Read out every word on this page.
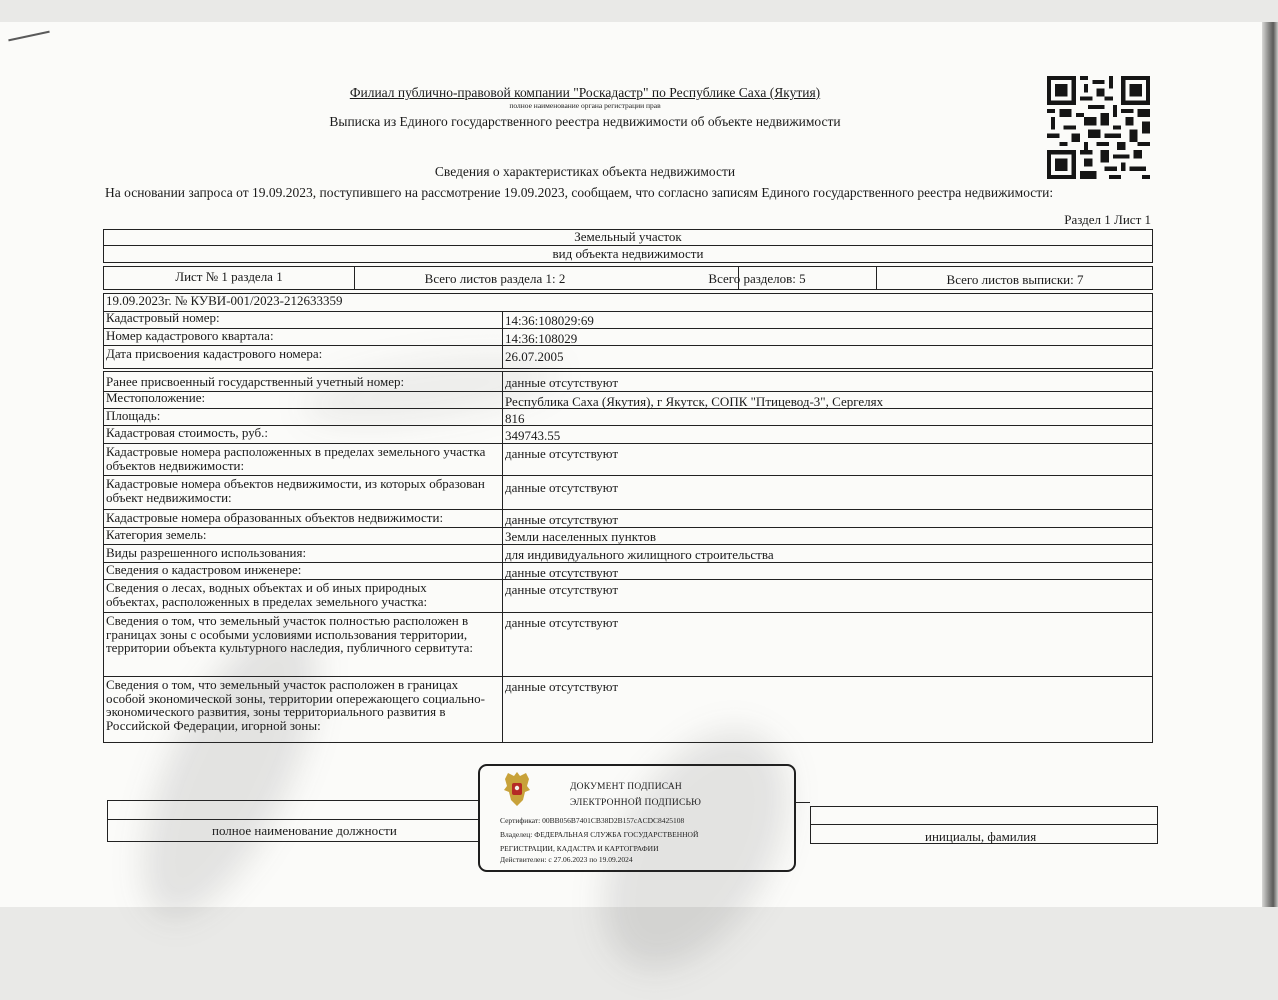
Филиал публично-правовой компании "Роскадастр" по Республике Саха (Якутия)
полное наименование органа регистрации прав
Выписка из Единого государственного реестра недвижимости об объекте недвижимости
Сведения о характеристиках объекта недвижимости
На основании запроса от 19.09.2023, поступившего на рассмотрение 19.09.2023, сообщаем, что согласно записям Единого государственного реестра недвижимости:
Раздел 1 Лист 1
Земельный участок
вид объекта недвижимости
Лист № 1 раздела 1	Всего листов раздела 1: 2	Всего разделов: 5	Всего листов выписки: 7
19.09.2023г. № КУВИ-001/2023-212633359
Кадастровый номер:	14:36:108029:69
Номер кадастрового квартала:	14:36:108029
Дата присвоения кадастрового номера:	26.07.2005
Ранее присвоенный государственный учетный номер:	данные отсутствуют
Местоположение:	Республика Саха (Якутия), г Якутск, СОПК "Птицевод-3", Сергелях
Площадь:	816
Кадастровая стоимость, руб.:	349743.55
Кадастровые номера расположенных в пределах земельного участка объектов недвижимости:
данные отсутствуют
Кадастровые номера объектов недвижимости, из которых образован объект недвижимости:
данные отсутствуют
Кадастровые номера образованных объектов недвижимости:	данные отсутствуют
Категория земель:	Земли населенных пунктов
Виды разрешенного использования:	для индивидуального жилищного строительства
Сведения о кадастровом инженере:	данные отсутствуют
Сведения о лесах, водных объектах и об иных природных объектах, расположенных в пределах земельного участка:
данные отсутствуют
Сведения о том, что земельный участок полностью расположен в границах зоны с особыми условиями использования территории, территории объекта культурного наследия, публичного сервитута:
данные отсутствуют
Сведения о том, что земельный участок расположен в границах особой экономической зоны, территории опережающего социально-экономического развития, зоны территориального развития в Российской Федерации, игорной зоны:
данные отсутствуют
полное наименование должности	инициалы, фамилия
ДОКУМЕНТ ПОДПИСАН
ЭЛЕКТРОННОЙ ПОДПИСЬЮ
Сертификат: 00BB056B7401CB38D2B157cACDC8425108
Владелец: ФЕДЕРАЛЬНАЯ СЛУЖБА ГОСУДАРСТВЕННОЙ
РЕГИСТРАЦИИ, КАДАСТРА И КАРТОГРАФИИ
Действителен: с 27.06.2023 по 19.09.2024
